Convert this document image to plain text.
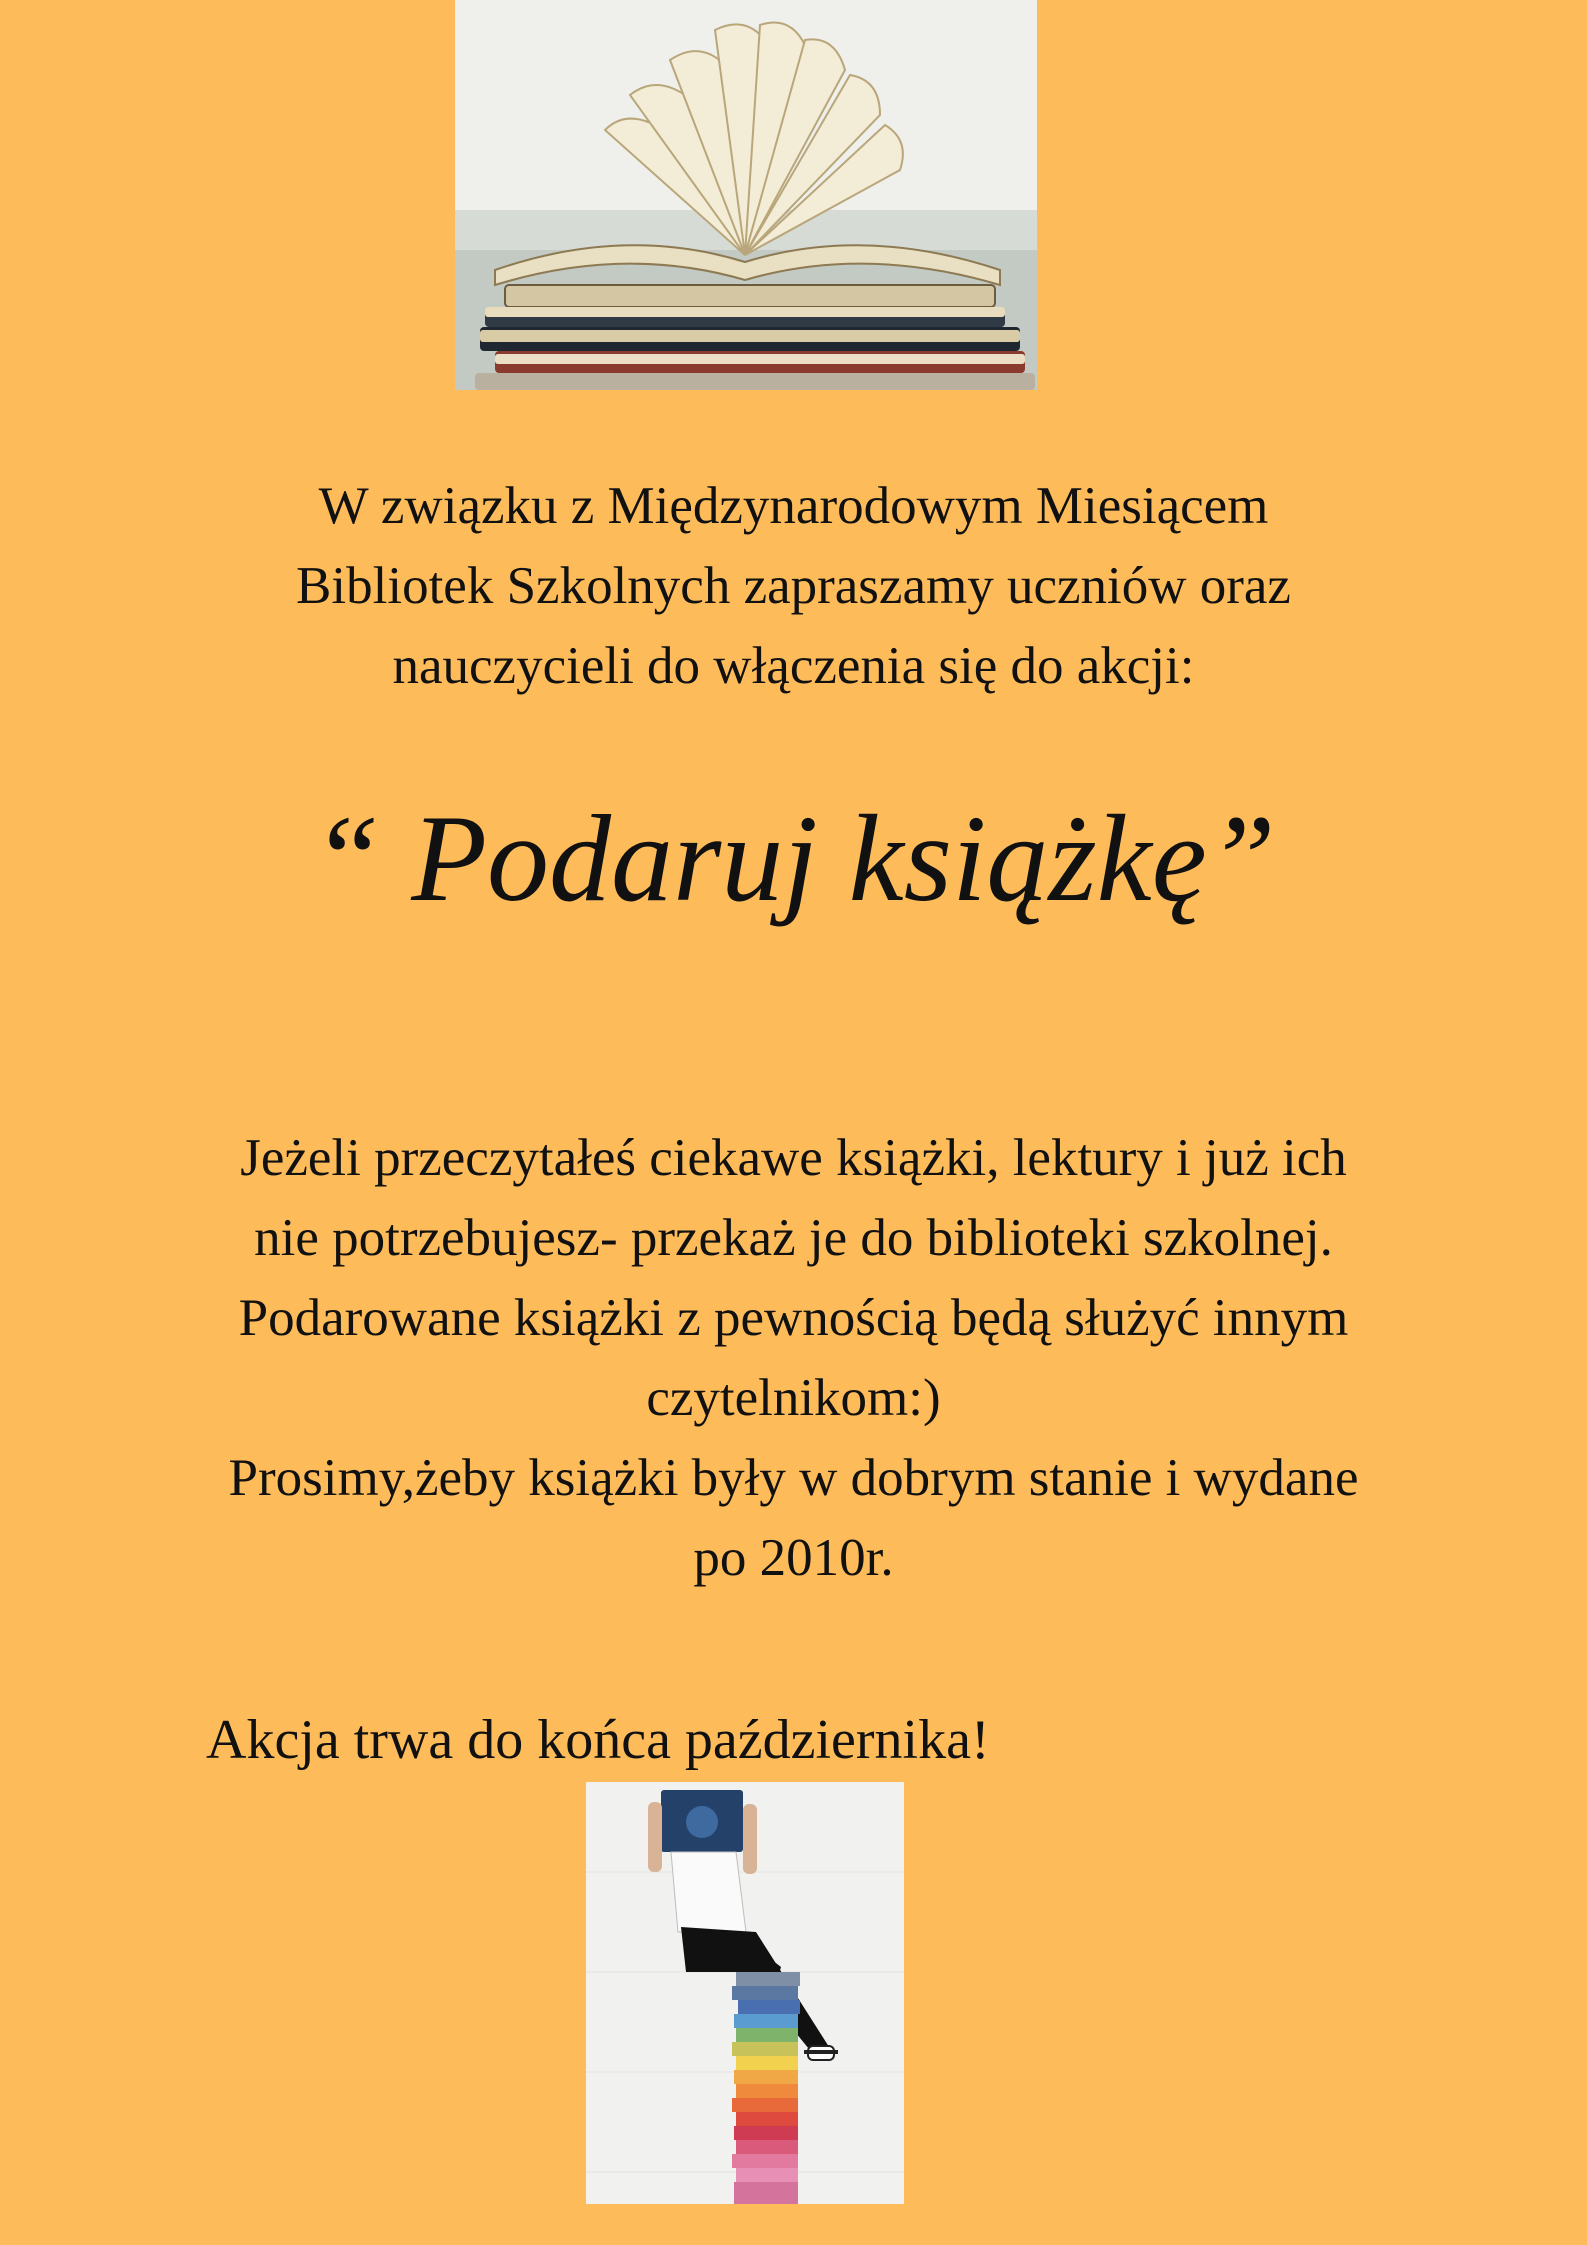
W związku z Międzynarodowym Miesiącem
Bibliotek Szkolnych zapraszamy uczniów oraz
nauczycieli do włączenia się do akcji:
“ Podaruj książkę”

Jeżeli przeczytałeś ciekawe książki, lektury i już ich

nie potrzebujesz- przekaż je do biblioteki szkolnej.

Podarowane książki z pewnością będą służyć innym

czytelnikom:)

Prosimy,żeby książki były w dobrym stanie i wydane

po 2010r.

Akcja trwa do końca października!
